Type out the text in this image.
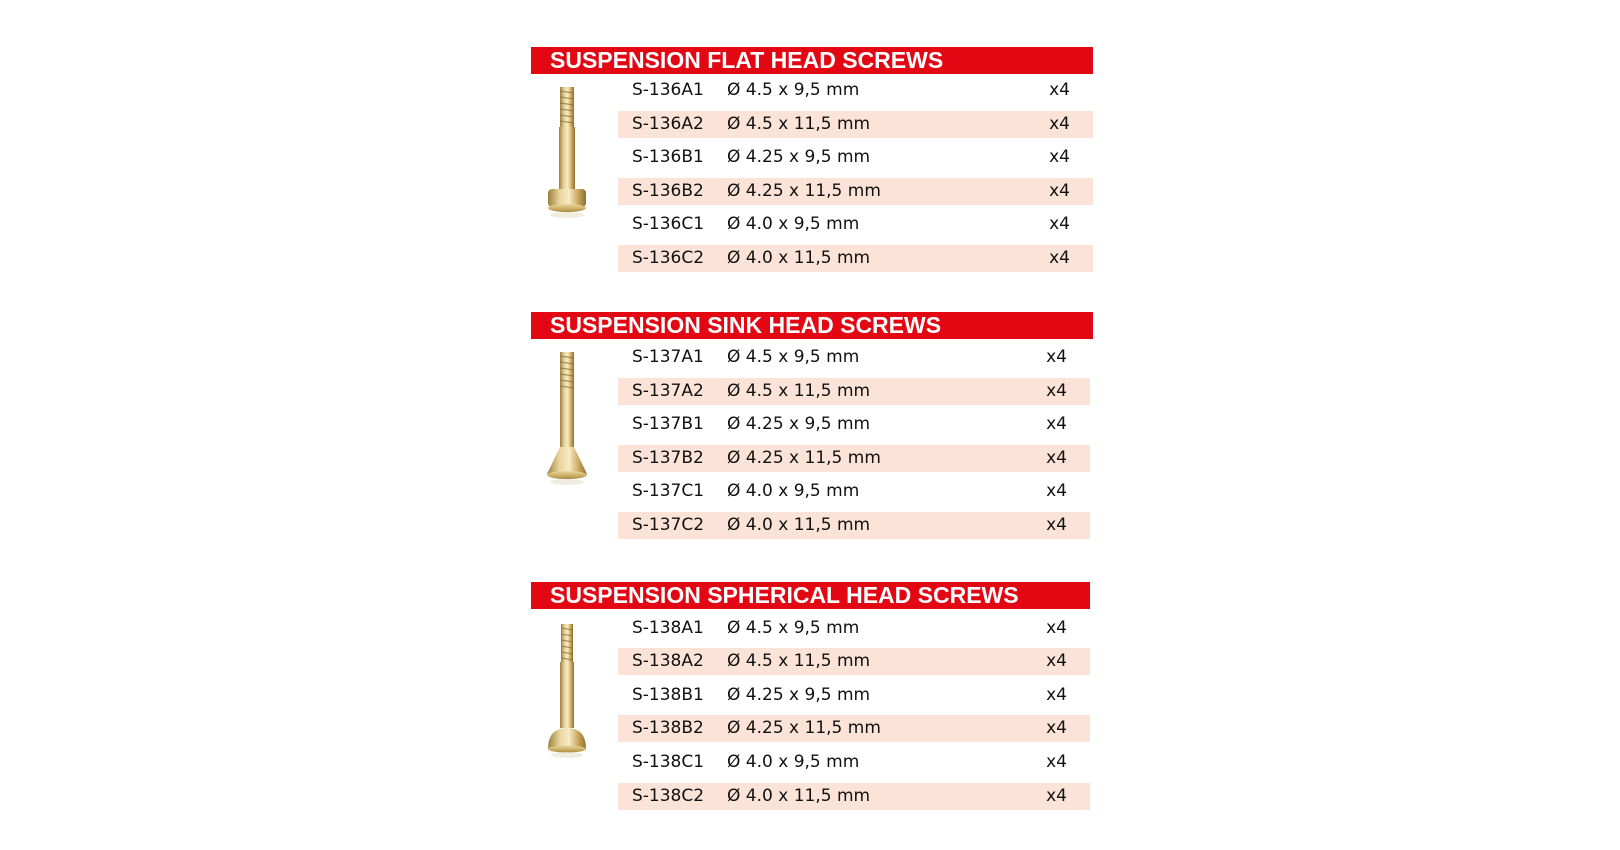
SUSPENSION FLAT HEAD SCREWS
S-136A1 Ø 4.5 x 9,5 mm	x4
S-136A2 Ø 4.5 x 11,5 mm	x4
S-136B1 Ø 4.25 x 9,5 mm	x4
S-136B2 Ø 4.25 x 11,5 mm	x4
S-136C1 Ø 4.0 x 9,5 mm	x4
S-136C2 Ø 4.0 x 11,5 mm	x4
SUSPENSION SINK HEAD SCREWS
S-137A1 Ø 4.5 x 9,5 mm	x4
S-137A2 Ø 4.5 x 11,5 mm	x4
S-137B1 Ø 4.25 x 9,5 mm	x4
S-137B2 Ø 4.25 x 11,5 mm	x4
S-137C1 Ø 4.0 x 9,5 mm	x4
S-137C2 Ø 4.0 x 11,5 mm	x4
SUSPENSION SPHERICAL HEAD SCREWS
S-138A1 Ø 4.5 x 9,5 mm	x4
S-138A2 Ø 4.5 x 11,5 mm	x4
S-138B1 Ø 4.25 x 9,5 mm	x4
S-138B2 Ø 4.25 x 11,5 mm	x4
S-138C1 Ø 4.0 x 9,5 mm	x4
S-138C2 Ø 4.0 x 11,5 mm	x4
